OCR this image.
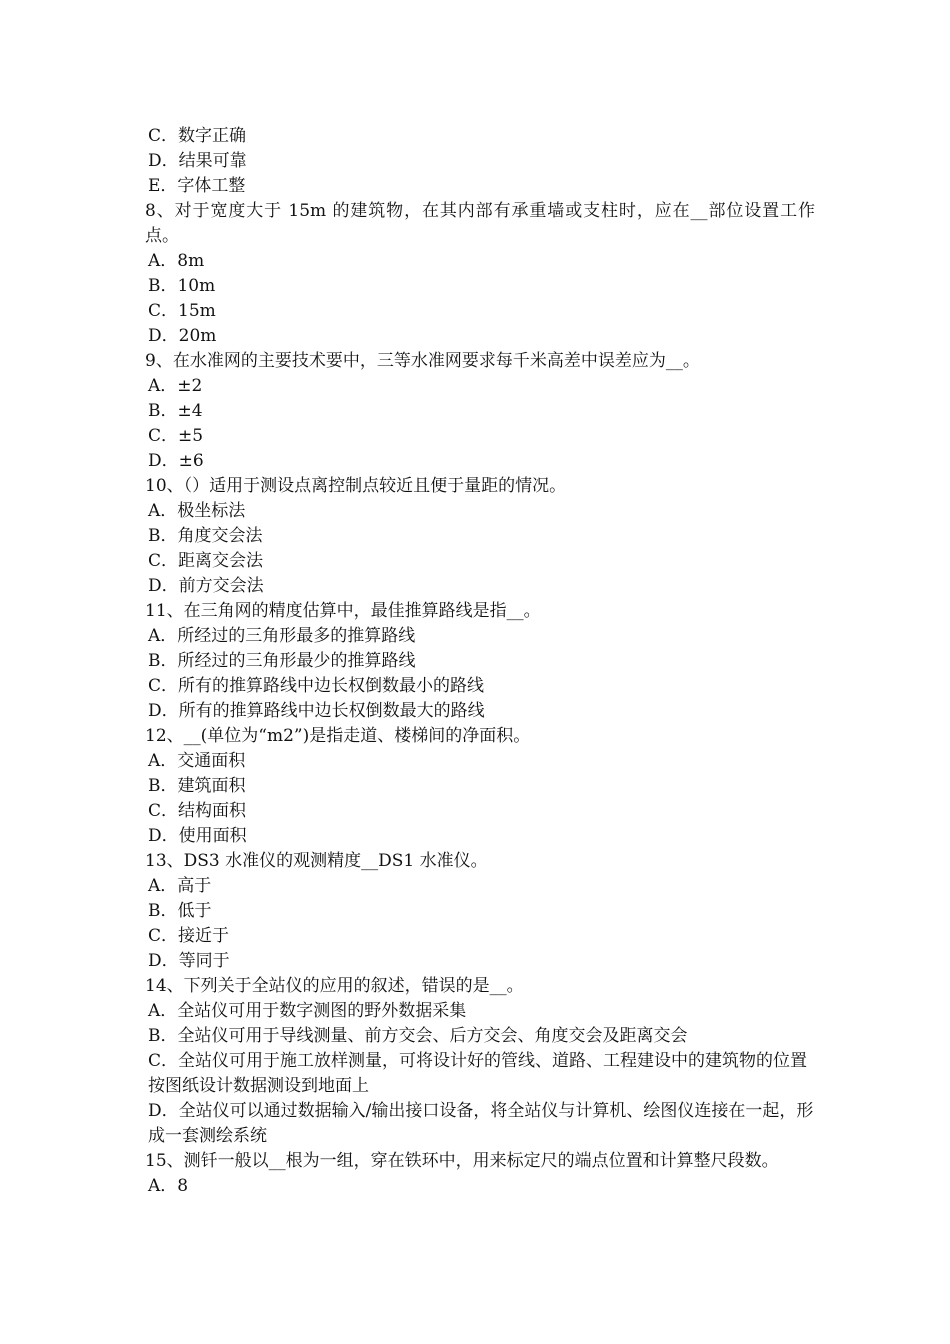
C．数字正确

D．结果可靠

E．字体工整

8、对于宽度大于 15m 的建筑物，在其内部有承重墙或支柱时，应在__部位设置工作点。

A．8m

B．10m

C．15m

D．20m

9、在水准网的主要技术要中，三等水准网要求每千米高差中误差应为__。

A．±2

B．±4

C．±5

D．±6

10、（）适用于测设点离控制点较近且便于量距的情况。

A．极坐标法

B．角度交会法

C．距离交会法

D．前方交会法

11、在三角网的精度估算中，最佳推算路线是指__。

A．所经过的三角形最多的推算路线

B．所经过的三角形最少的推算路线

C．所有的推算路线中边长权倒数最小的路线

D．所有的推算路线中边长权倒数最大的路线

12、__(单位为“m2”)是指走道、楼梯间的净面积。

A．交通面积

B．建筑面积

C．结构面积

D．使用面积

13、DS3 水准仪的观测精度__DS1 水准仪。

A．高于

B．低于

C．接近于

D．等同于

14、下列关于全站仪的应用的叙述，错误的是__。

A．全站仪可用于数字测图的野外数据采集

B．全站仪可用于导线测量、前方交会、后方交会、角度交会及距离交会

C．全站仪可用于施工放样测量，可将设计好的管线、道路、工程建设中的建筑物的位置按图纸设计数据测设到地面上

D．全站仪可以通过数据输入/输出接口设备，将全站仪与计算机、绘图仪连接在一起，形成一套测绘系统

15、测钎一般以__根为一组，穿在铁环中，用来标定尺的端点位置和计算整尺段数。

A．8
